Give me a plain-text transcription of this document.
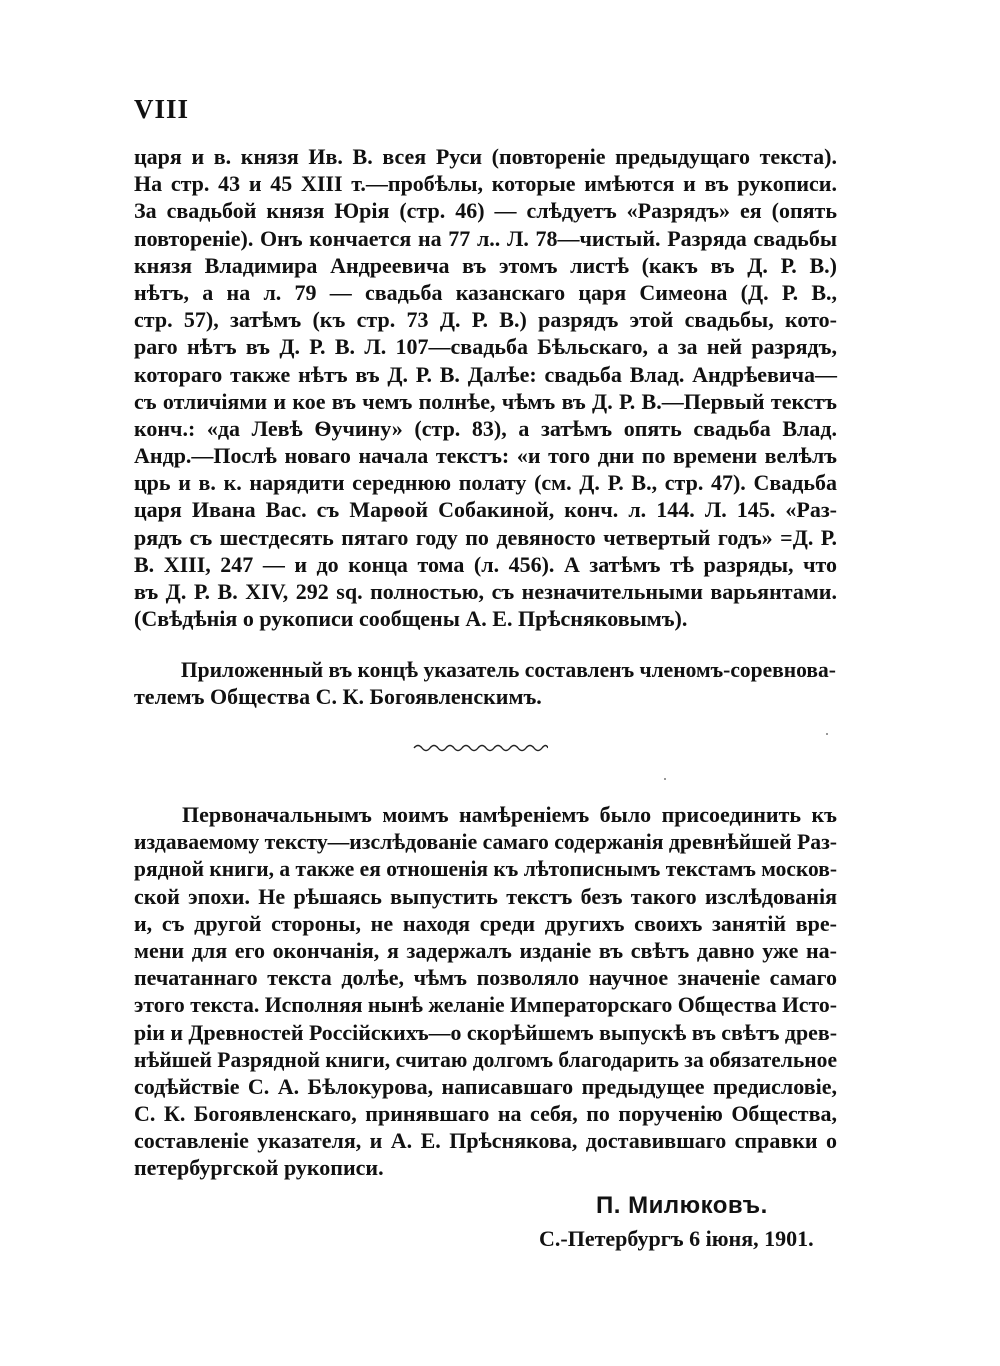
VIII
царя и в. князя Ив. В. всея Руси (повторенiе предыдущаго текста).
На стр. 43 и 45 XIII т.—пробѣлы, которые имѣются и въ рукописи.
За свадьбой князя Юрiя (стр. 46) — слѣдуетъ «Разрядъ» ея (опять
повторенiе). Онъ кончается на 77 л.. Л. 78—чистый. Разряда свадьбы
князя Владимира Андреевича въ этомъ листѣ (какъ въ Д. Р. В.)
нѣтъ, а на л. 79 — свадьба казанскаго царя Симеона (Д. Р. В.,
стр. 57), затѣмъ (къ стр. 73 Д. Р. В.) разрядъ этой свадьбы, кото-
раго нѣтъ въ Д. Р. В. Л. 107—свадьба Бѣльскаго, а за ней разрядъ,
котораго также нѣтъ въ Д. Р. В. Далѣе: свадьба Влад. Андрѣевича—
съ отличiями и кое въ чемъ полнѣе, чѣмъ въ Д. Р. В.—Первый текстъ
конч.: «да Левѣ Ѳучину» (стр. 83), а затѣмъ опять свадьба Влад.
Андр.—Послѣ новаго начала текстъ: «и того дни по времени велѣлъ
црь и в. к. нарядити середнюю полату (см. Д. Р. В., стр. 47). Свадьба
царя Ивана Вас. съ Марѳой Собакиной, конч. л. 144. Л. 145. «Раз-
рядъ съ шестдесять пятаго году по девяносто четвертый годъ» =Д. Р.
В. XIII, 247 — и до конца тома (л. 456). А затѣмъ тѣ разряды, что
въ Д. Р. В. XIV, 292 sq. полностью, съ незначительными варьянтами.
(Свѣдѣнiя о рукописи сообщены А. Е. Прѣсняковымъ).
Приложенный въ концѣ указатель составленъ членомъ-соревнова-
телемъ Общества С. К. Богоявленскимъ.
Первоначальнымъ моимъ намѣренiемъ было присоединить къ
издаваемому тексту—изслѣдованiе самаго содержанiя древнѣйшей Раз-
рядной книги, а также ея отношенiя къ лѣтописнымъ текстамъ москов-
ской эпохи. Не рѣшаясь выпустить текстъ безъ такого изслѣдованiя
и, съ другой стороны, не находя среди другихъ своихъ занятiй вре-
мени для его окончанiя, я задержалъ изданiе въ свѣтъ давно уже на-
печатаннаго текста долѣе, чѣмъ позволяло научное значенiе самаго
этого текста. Исполняя нынѣ желанiе Императорскаго Общества Исто-
рiи и Древностей Россiйскихъ—о скорѣйшемъ выпускѣ въ свѣтъ древ-
нѣйшей Разрядной книги, считаю долгомъ благодарить за обязательное
содѣйствiе С. А. Бѣлокурова, написавшаго предыдущее предисловiе,
С. К. Богоявленскаго, принявшаго на себя, по порученiю Общества,
составленiе указателя, и А. Е. Прѣснякова, доставившаго справки о
петербургской рукописи.
П. Милюковъ.
С.-Петербургъ 6 iюня, 1901.
